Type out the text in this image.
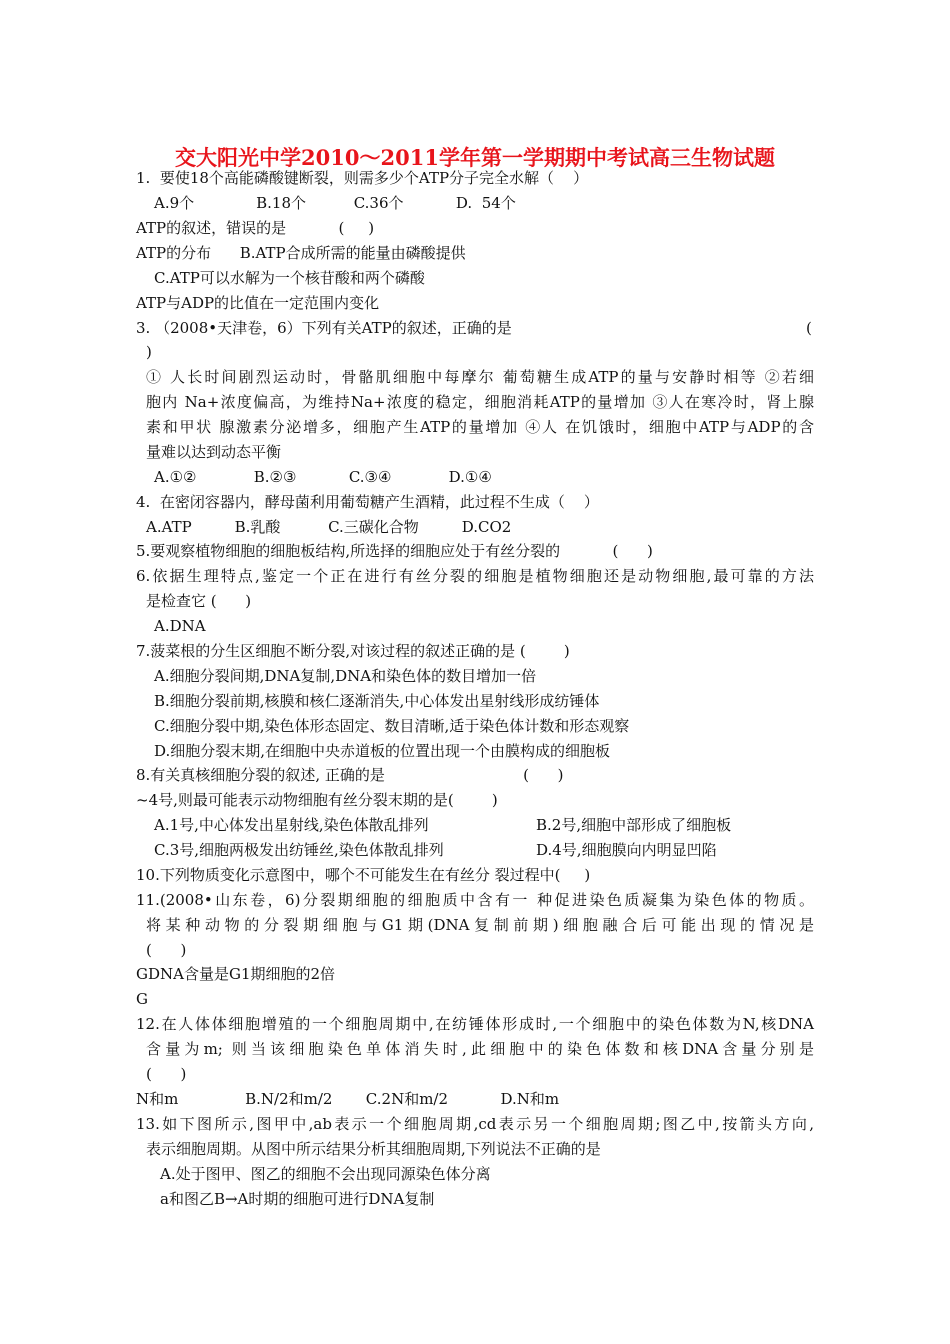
交大阳光中学2010～2011学年第一学期期中考试高三生物试题
1.  要使18个高能磷酸键断裂，则需多少个ATP分子完全水解（    ）
A.9个             B.18个          C.36个           D.  54个
ATP的叙述，错误的是           (     )
ATP的分布      B.ATP合成所需的能量由磷酸提供
C.ATP可以水解为一个核苷酸和两个磷酸
ATP与ADP的比值在一定范围内变化
3. （2008•天津卷，6）下列有关ATP的叙述，正确的是	(
)
① 人长时间剧烈运动时，骨骼肌细胞中每摩尔 葡萄糖生成ATP的量与安静时相等 ②若细
胞内 Na+浓度偏高，为维持Na+浓度的稳定，细胞消耗ATP的量增加 ③人在寒冷时，肾上腺
素和甲状 腺激素分泌增多，细胞产生ATP的量增加 ④人 在饥饿时，细胞中ATP与ADP的含
量难以达到动态平衡
A.①②            B.②③           C.③④            D.①④
4.  在密闭容器内，酵母菌利用葡萄糖产生酒精，此过程不生成（    ）
A.ATP         B.乳酸          C.三碳化合物         D.CO2
5.要观察植物细胞的细胞板结构,所选择的细胞应处于有丝分裂的           (      )
6.依据生理特点,鉴定一个正在进行有丝分裂的细胞是植物细胞还是动物细胞,最可靠的方法
是检查它 (      )
A.DNA
7.菠菜根的分生区细胞不断分裂,对该过程的叙述正确的是 (        )
A.细胞分裂间期,DNA复制,DNA和染色体的数目增加一倍
B.细胞分裂前期,核膜和核仁逐渐消失,中心体发出星射线形成纺锤体
C.细胞分裂中期,染色体形态固定、数目清晰,适于染色体计数和形态观察
D.细胞分裂末期,在细胞中央赤道板的位置出现一个由膜构成的细胞板
8.有关真核细胞分裂的叙述, 正确的是                             (      )
~4号,则最可能表示动物细胞有丝分裂末期的是(        )
A.1号,中心体发出星射线,染色体散乱排列	B.2号,细胞中部形成了细胞板
C.3号,细胞两极发出纺锤丝,染色体散乱排列	D.4号,细胞膜向内明显凹陷
10.下列物质变化示意图中，哪个不可能发生在有丝分 裂过程中(     )
11.(2008•山东卷，6)分裂期细胞的细胞质中含有一 种促进染色质凝集为染色体的物质。
将某种动物的分裂期细胞与G1期(DNA复制前期)细胞融合后可能出现的情况是
(      )
GDNA含量是G1期细胞的2倍
G
12.在人体体细胞增殖的一个细胞周期中,在纺锤体形成时,一个细胞中的染色体数为N,核DNA
含量为m; 则当该细胞染色单体消失时,此细胞中的染色体数和核DNA含量分别是
(      )
N和m              B.N/2和m/2       C.2N和m/2           D.N和m
13.如下图所示,图甲中,ab表示一个细胞周期,cd表示另一个细胞周期;图乙中,按箭头方向,
表示细胞周期。从图中所示结果分析其细胞周期,下列说法不正确的是
A.处于图甲、图乙的细胞不会出现同源染色体分离
a和图乙B→A时期的细胞可进行DNA复制
